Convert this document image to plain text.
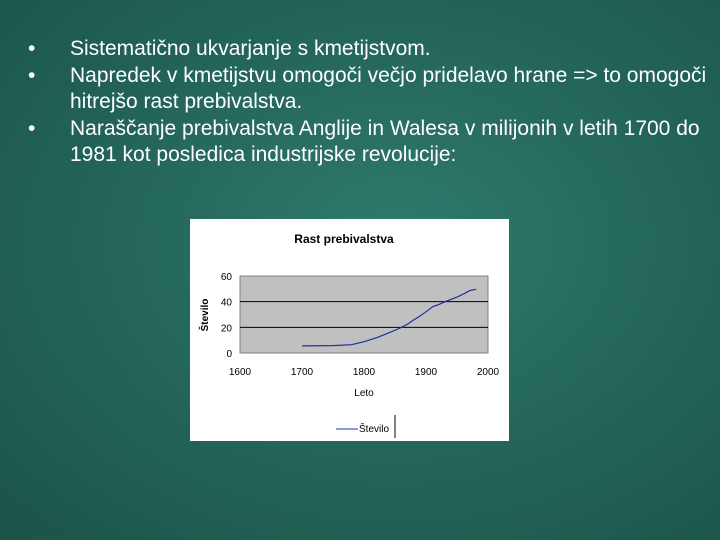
• Sistematično ukvarjanje s kmetijstvom.
• Napredek v kmetijstvu omogoči večjo pridelavo hrane => to omogoči hitrejšo rast prebivalstva.
• Naraščanje prebivalstva Anglije in Walesa v milijonih v letih 1700 do 1981 kot posledica industrijske revolucije:
Rast prebivalstva
0
20
40
60
1600	1700	1800	1900	2000
Leto
Število
Število
